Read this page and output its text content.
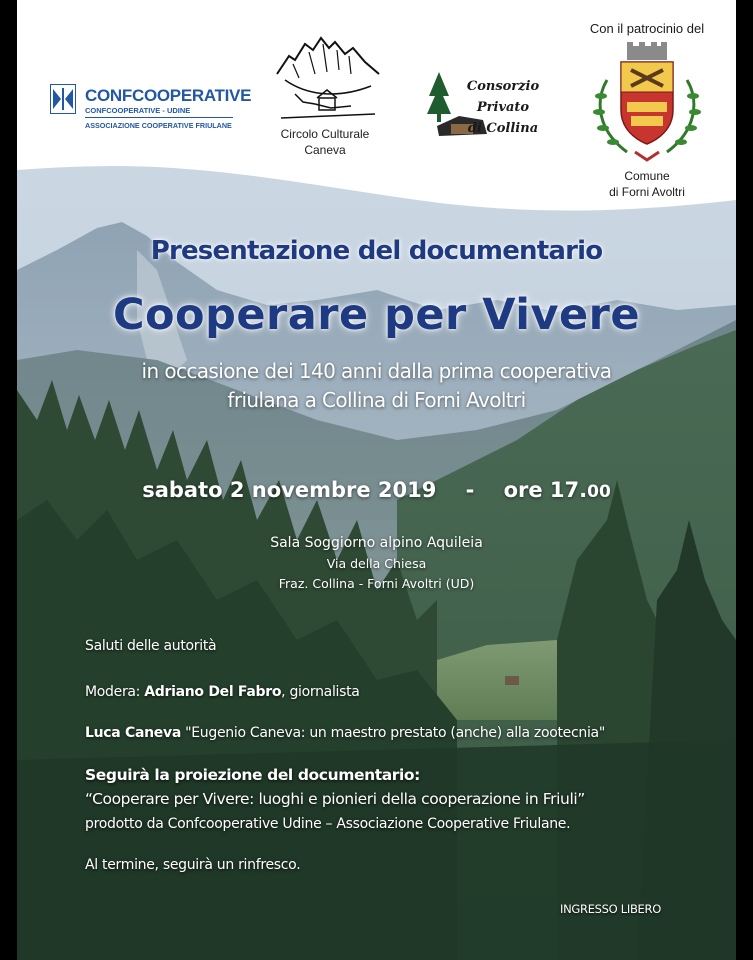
CONFCOOPERATIVE
CONFCOOPERATIVE - UDINE
ASSOCIAZIONE COOPERATIVE FRIULANE
Circolo Culturale
Caneva
Consorzio
Privato
di Collina
Con il patrocinio del
Comune
di Forni Avoltri
Presentazione del documentario
Cooperare per Vivere
in occasione dei 140 anni dalla prima cooperativa
friulana a Collina di Forni Avoltri
sabato 2 novembre 2019 - ore 17.00
Sala Soggiorno alpino Aquileia
Via della Chiesa
Fraz. Collina - Forni Avoltri (UD)
Saluti delle autorità
Modera: Adriano Del Fabro, giornalista
Luca Caneva "Eugenio Caneva: un maestro prestato (anche) alla zootecnia"
Seguirà la proiezione del documentario:
“Cooperare per Vivere: luoghi e pionieri della cooperazione in Friuli”
prodotto da Confcooperative Udine – Associazione Cooperative Friulane.
Al termine, seguirà un rinfresco.
INGRESSO LIBERO
